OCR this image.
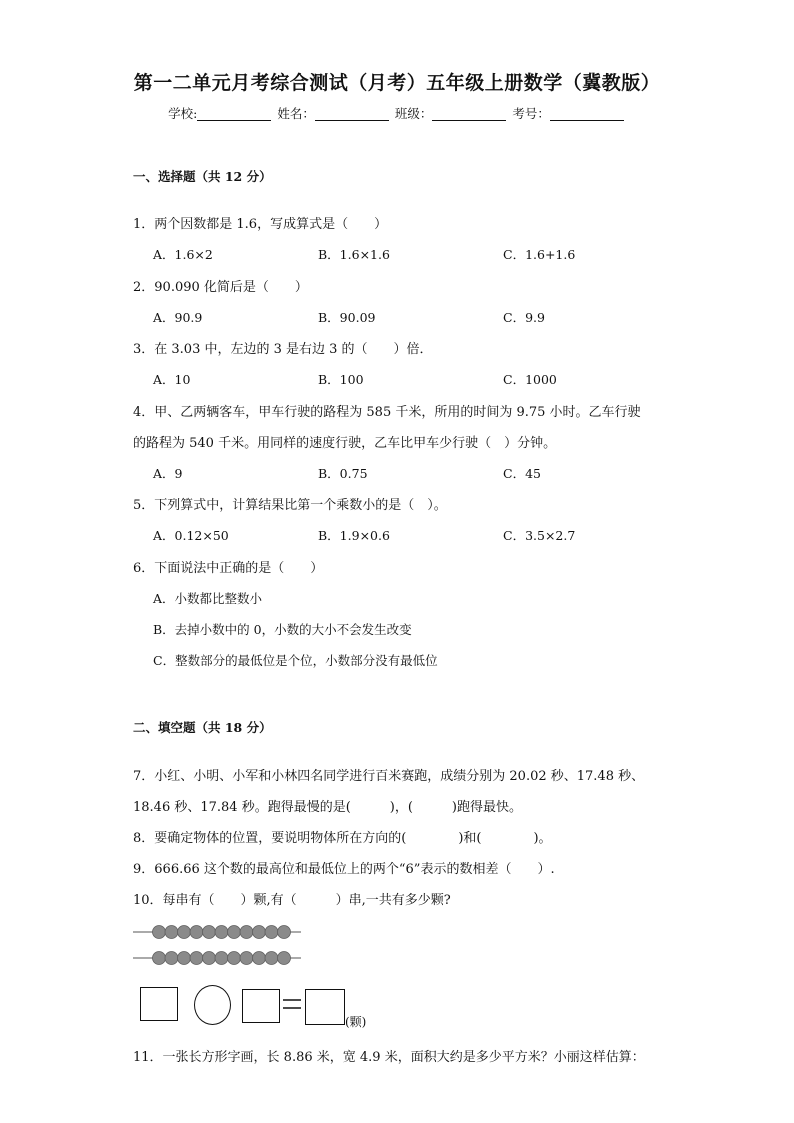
第一二单元月考综合测试（月考）五年级上册数学（冀教版）
学校:	姓名：	班级：	考号：
一、选择题（共 12 分）
1．两个因数都是 1.6，写成算式是（　　）
A．1.6×2	B．1.6×1.6	C．1.6+1.6
2．90.090 化简后是（　　）
A．90.9	B．90.09	C．9.9
3．在 3.03 中，左边的 3 是右边 3 的（　　）倍．
A．10	B．100	C．1000
4．甲、乙两辆客车，甲车行驶的路程为 585 千米，所用的时间为 9.75 小时。乙车行驶
的路程为 540 千米。用同样的速度行驶，乙车比甲车少行驶（　）分钟。
A．9	B．0.75	C．45
5．下列算式中，计算结果比第一个乘数小的是（　）。
A．0.12×50	B．1.9×0.6	C．3.5×2.7
6．下面说法中正确的是（　　）
A．小数都比整数小
B．去掉小数中的 0，小数的大小不会发生改变
C．整数部分的最低位是个位，小数部分没有最低位
二、填空题（共 18 分）
7．小红、小明、小军和小林四名同学进行百米赛跑，成绩分别为 20.02 秒、17.48 秒、
18.46 秒、17.84 秒。跑得最慢的是(　　　)，(　　　)跑得最快。
8．要确定物体的位置，要说明物体所在方向的(　　　　)和(　　　　)。
9．666.66 这个数的最高位和最低位上的两个“6”表示的数相差（　　）.
10．每串有（　　）颗,有（　　　）串,一共有多少颗?
(颗)
11．一张长方形字画，长 8.86 米，宽 4.9 米，面积大约是多少平方米？小丽这样估算：
